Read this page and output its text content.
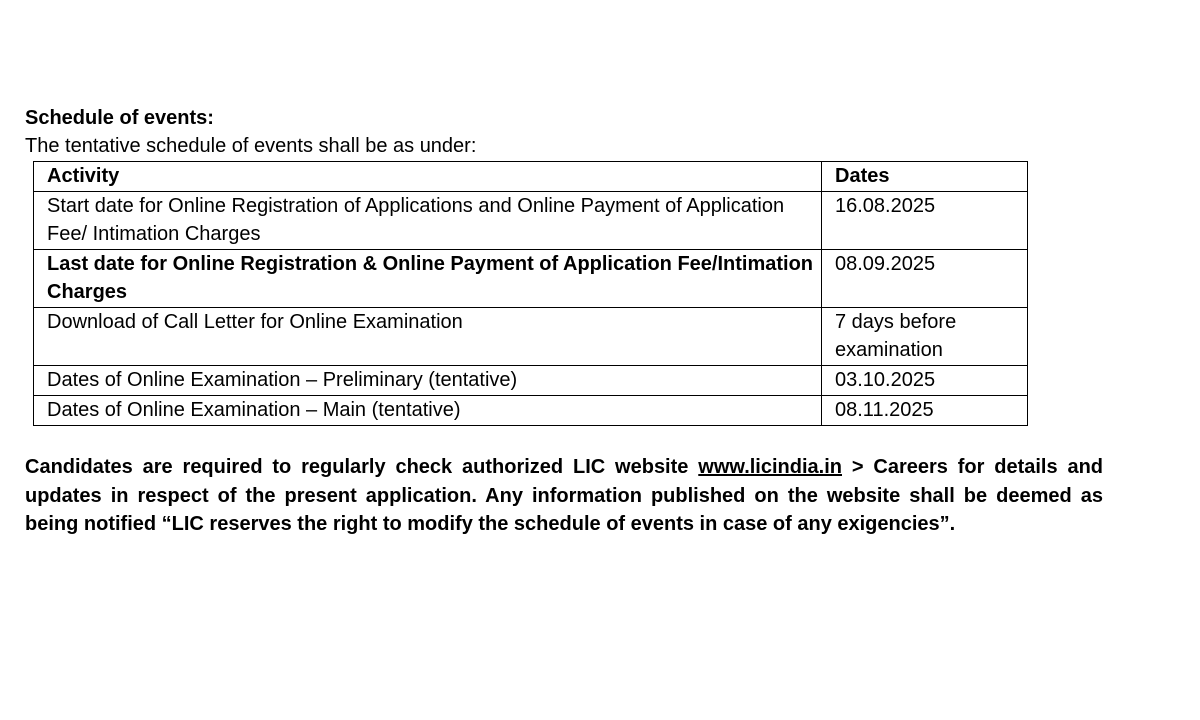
Schedule of events:
The tentative schedule of events shall be as under:
Activity	Dates
Start date for Online Registration of Applications and Online Payment of Application Fee/ Intimation Charges	16.08.2025
Last date for Online Registration & Online Payment of Application Fee/Intimation Charges	08.09.2025
Download of Call Letter for Online Examination	7 days before examination
Dates of Online Examination – Preliminary (tentative)	03.10.2025
Dates of Online Examination – Main (tentative)	08.11.2025
Candidates are required to regularly check authorized LIC website www.licindia.in > Careers for details and updates in respect of the present application. Any information published on the website shall be deemed as being notified “LIC reserves the right to modify the schedule of events in case of any exigencies”.
